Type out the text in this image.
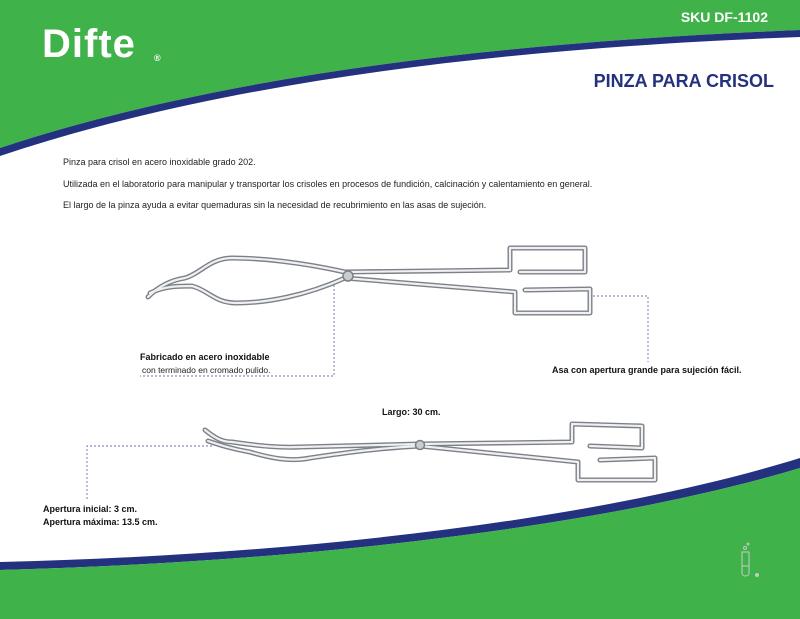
Difte ®
SKU DF-1102
PINZA PARA CRISOL
Pinza para crisol en acero inoxidable grado 202.
Utilizada en el laboratorio para manipular y transportar los crisoles en procesos de fundición, calcinación y calentamiento en general.
El largo de la pinza ayuda a evitar quemaduras sin la necesidad de recubrimiento en las asas de sujeción.
Fabricado en acero inoxidable
con terminado en cromado pulido.	Asa con apertura grande para sujeción fácil.
Largo: 30 cm.
Apertura inicial: 3 cm.
Apertura máxima: 13.5 cm.
